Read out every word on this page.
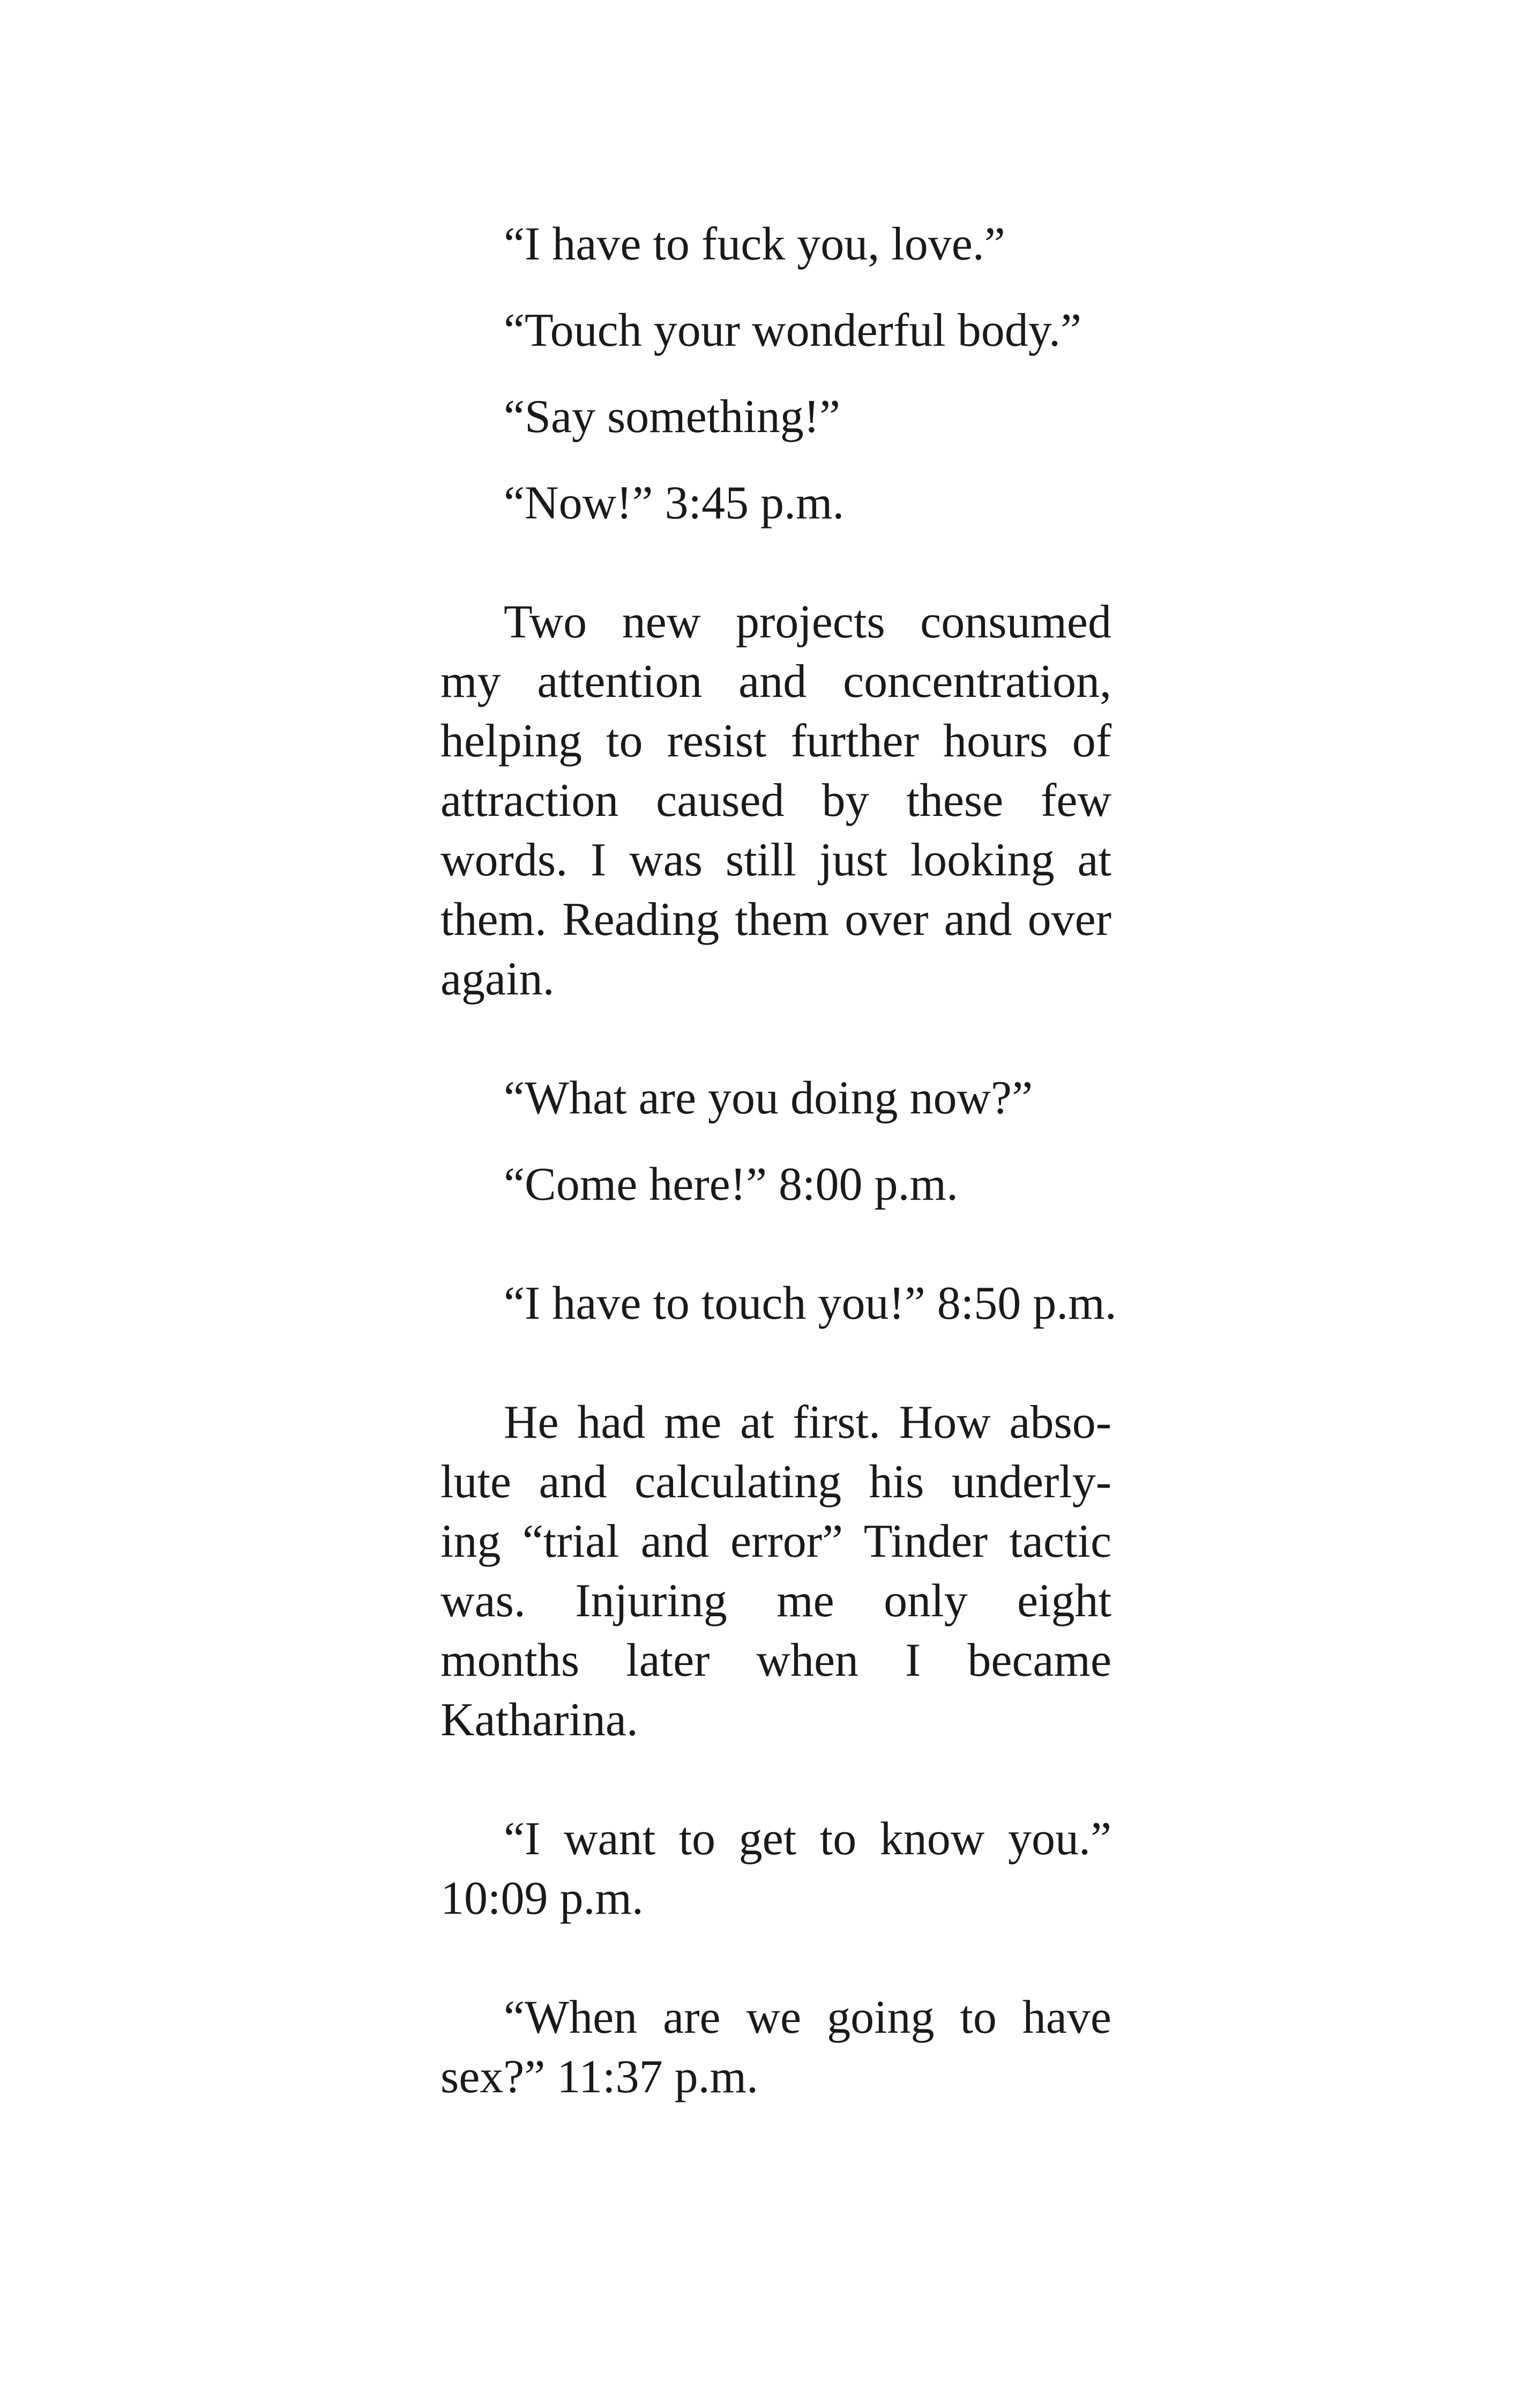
“I have to fuck you, love.”

“Touch your wonderful body.”

“Say something!”

“Now!” 3:45 p.m.

Two new projects consumed
my attention and concentration,
helping to resist further hours of
attraction caused by these few
words. I was still just looking at
them. Reading them over and over
again.

“What are you doing now?”

“Come here!” 8:00 p.m.

“I have to touch you!” 8:50 p.m.

He had me at first. How abso-
lute and calculating his underly-
ing “trial and error” Tinder tactic
was. Injuring me only eight
months later when I became
Katharina.

“I want to get to know you.”
10:09 p.m.

“When are we going to have
sex?” 11:37 p.m.
